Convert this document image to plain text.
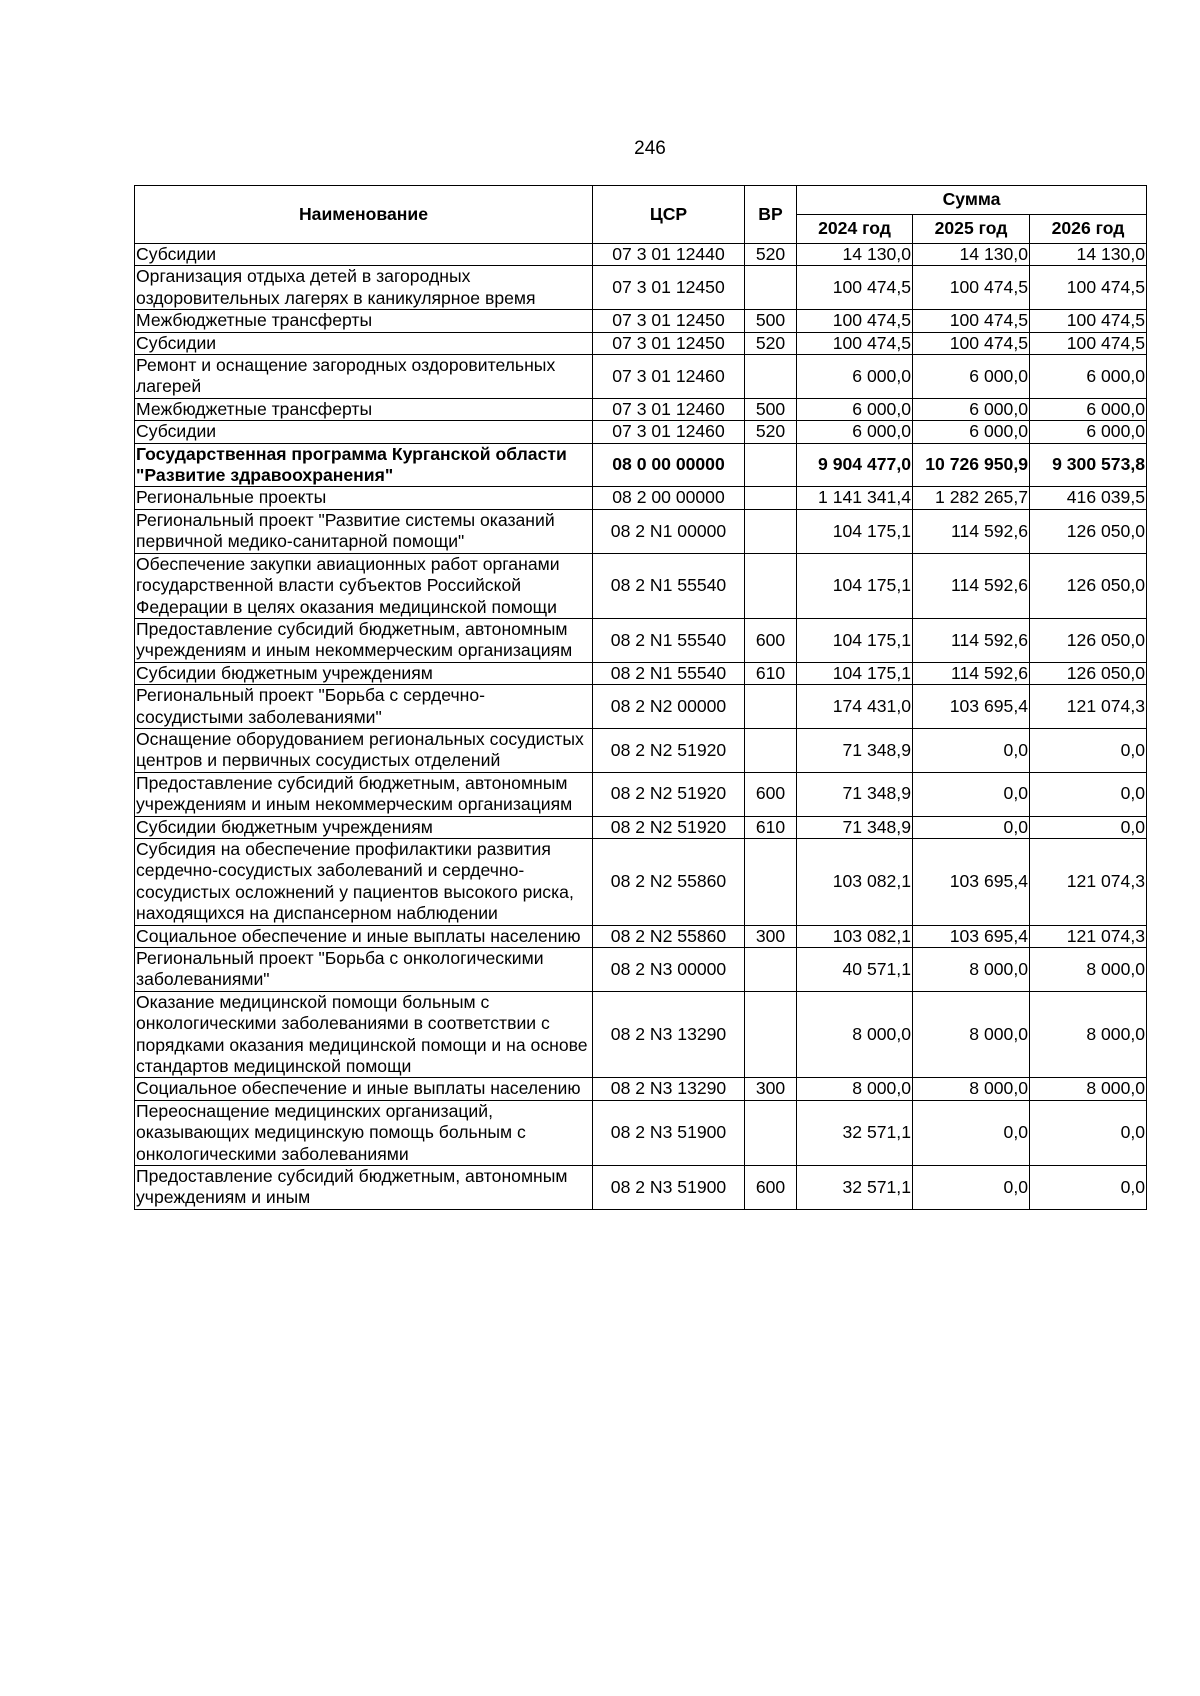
246
Наименование	ЦСР	ВР	Сумма		
			2024 год	2025 год	2026 год
Субсидии	07 3 01 12440	520	14 130,0	14 130,0	14 130,0
Организация отдыха детей в загородных оздоровительных лагерях в каникулярное время	07 3 01 12450		100 474,5	100 474,5	100 474,5
Межбюджетные трансферты	07 3 01 12450	500	100 474,5	100 474,5	100 474,5
Субсидии	07 3 01 12450	520	100 474,5	100 474,5	100 474,5
Ремонт и оснащение загородных оздоровительных лагерей	07 3 01 12460		6 000,0	6 000,0	6 000,0
Межбюджетные трансферты	07 3 01 12460	500	6 000,0	6 000,0	6 000,0
Субсидии	07 3 01 12460	520	6 000,0	6 000,0	6 000,0
Государственная программа Курганской области "Развитие здравоохранения"	08 0 00 00000		9 904 477,0	10 726 950,9	9 300 573,8
Региональные проекты	08 2 00 00000		1 141 341,4	1 282 265,7	416 039,5
Региональный проект "Развитие системы оказаний первичной медико-санитарной помощи"	08 2 N1 00000		104 175,1	114 592,6	126 050,0
Обеспечение закупки авиационных работ органами государственной власти субъектов Российской Федерации в целях оказания медицинской помощи	08 2 N1 55540		104 175,1	114 592,6	126 050,0
Предоставление субсидий бюджетным, автономным учреждениям и иным некоммерческим организациям	08 2 N1 55540	600	104 175,1	114 592,6	126 050,0
Субсидии бюджетным учреждениям	08 2 N1 55540	610	104 175,1	114 592,6	126 050,0
Региональный проект "Борьба с сердечно-сосудистыми заболеваниями"	08 2 N2 00000		174 431,0	103 695,4	121 074,3
Оснащение оборудованием региональных сосудистых центров и первичных сосудистых отделений	08 2 N2 51920		71 348,9	0,0	0,0
Предоставление субсидий бюджетным, автономным учреждениям и иным некоммерческим организациям	08 2 N2 51920	600	71 348,9	0,0	0,0
Субсидии бюджетным учреждениям	08 2 N2 51920	610	71 348,9	0,0	0,0
Субсидия на обеспечение профилактики развития сердечно-сосудистых заболеваний и сердечно-сосудистых осложнений у пациентов высокого риска, находящихся на диспансерном наблюдении	08 2 N2 55860		103 082,1	103 695,4	121 074,3
Социальное обеспечение и иные выплаты населению	08 2 N2 55860	300	103 082,1	103 695,4	121 074,3
Региональный проект "Борьба с онкологическими заболеваниями"	08 2 N3 00000		40 571,1	8 000,0	8 000,0
Оказание медицинской помощи больным с онкологическими заболеваниями в соответствии с порядками оказания медицинской помощи и на основе стандартов медицинской помощи	08 2 N3 13290		8 000,0	8 000,0	8 000,0
Социальное обеспечение и иные выплаты населению	08 2 N3 13290	300	8 000,0	8 000,0	8 000,0
Переоснащение медицинских организаций, оказывающих медицинскую помощь больным с онкологическими заболеваниями	08 2 N3 51900		32 571,1	0,0	0,0
Предоставление субсидий бюджетным, автономным учреждениям и иным	08 2 N3 51900	600	32 571,1	0,0	0,0
